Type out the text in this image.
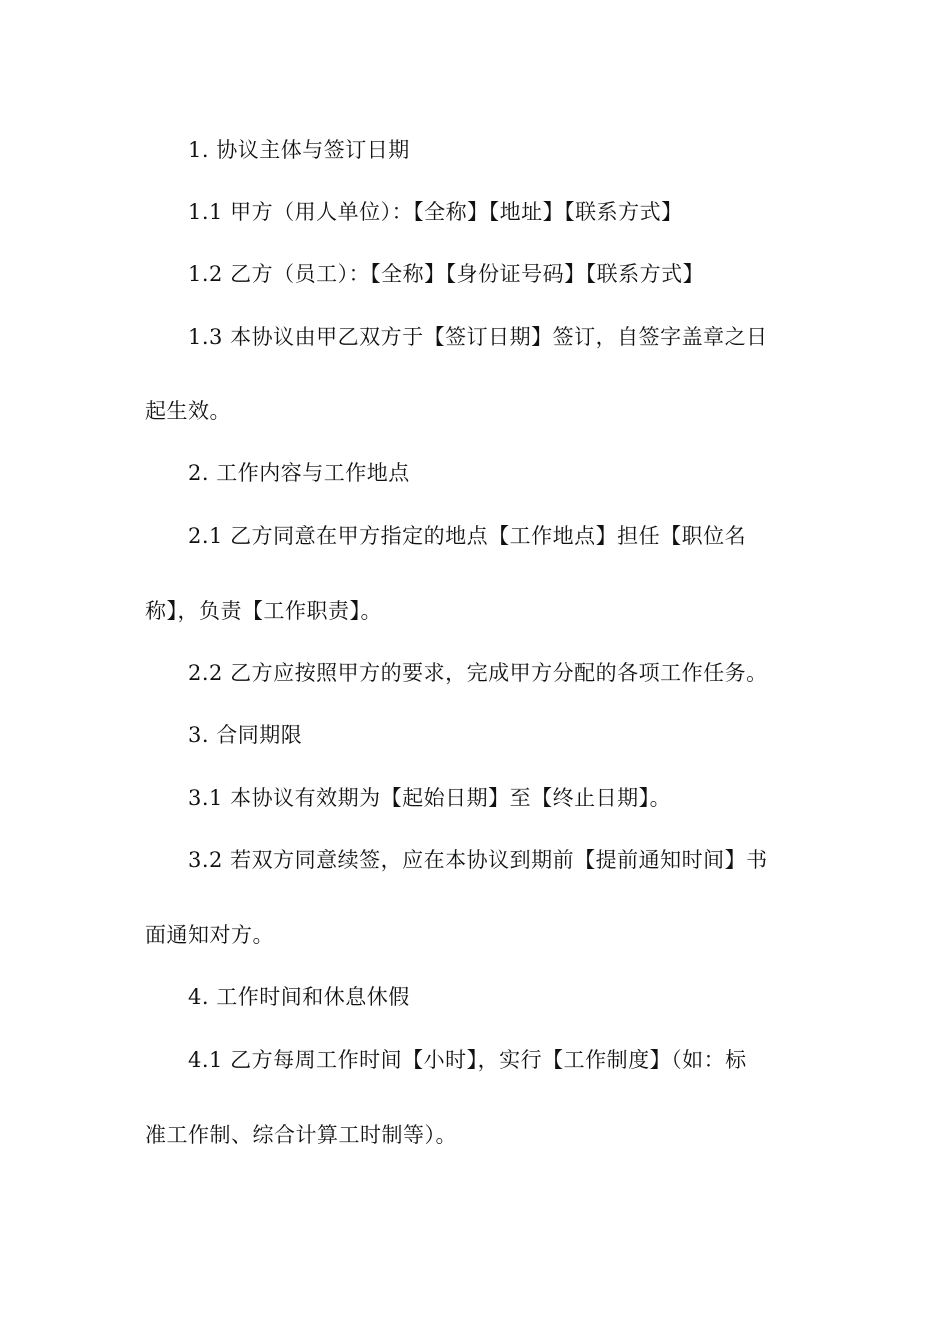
1. 协议主体与签订日期
1.1 甲方（用人单位）：【全称】【地址】【联系方式】
1.2 乙方（员工）：【全称】【身份证号码】【联系方式】
1.3 本协议由甲乙双方于【签订日期】签订，自签字盖章之日
起生效。
2. 工作内容与工作地点
2.1 乙方同意在甲方指定的地点【工作地点】担任【职位名
称】，负责【工作职责】。
2.2 乙方应按照甲方的要求，完成甲方分配的各项工作任务。
3. 合同期限
3.1 本协议有效期为【起始日期】至【终止日期】。
3.2 若双方同意续签，应在本协议到期前【提前通知时间】书
面通知对方。
4. 工作时间和休息休假
4.1 乙方每周工作时间【小时】，实行【工作制度】（如：标
准工作制、综合计算工时制等）。
